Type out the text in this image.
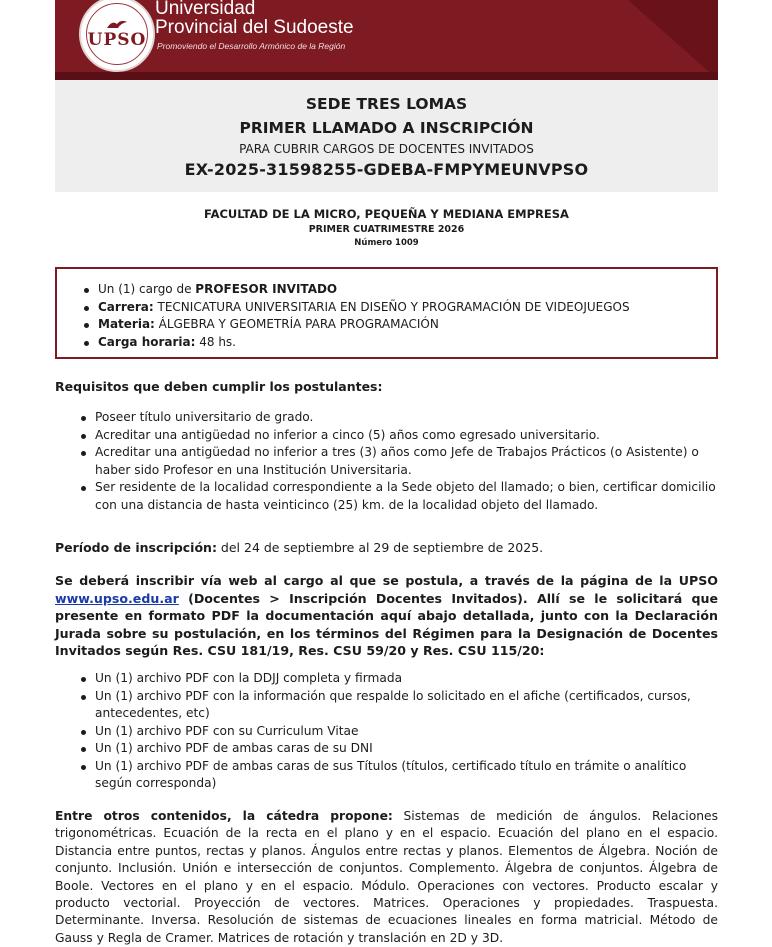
UPSO
Universidad
Provincial del Sudoeste
Promoviendo el Desarrollo Armónico de la Región
SEDE TRES LOMAS
PRIMER LLAMADO A INSCRIPCIÓN
PARA CUBRIR CARGOS DE DOCENTES INVITADOS
EX-2025-31598255-GDEBA-FMPYMEUNVPSO
FACULTAD DE LA MICRO, PEQUEÑA Y MEDIANA EMPRESA
PRIMER CUATRIMESTRE 2026
Número 1009
Un (1) cargo de PROFESOR INVITADO
Carrera: TECNICATURA UNIVERSITARIA EN DISEÑO Y PROGRAMACIÓN DE VIDEOJUEGOS
Materia: ÁLGEBRA Y GEOMETRÍA PARA PROGRAMACIÓN
Carga horaria: 48 hs.
Requisitos que deben cumplir los postulantes:
Poseer título universitario de grado.
Acreditar una antigüedad no inferior a cinco (5) años como egresado universitario.
Acreditar una antigüedad no inferior a tres (3) años como Jefe de Trabajos Prácticos (o Asistente) o haber sido Profesor en una Institución Universitaria.
Ser residente de la localidad correspondiente a la Sede objeto del llamado; o bien, certificar domicilio con una distancia de hasta veinticinco (25) km. de la localidad objeto del llamado.
Período de inscripción: del 24 de septiembre al 29 de septiembre de 2025.
Se deberá inscribir vía web al cargo al que se postula, a través de la página de la UPSO www.upso.edu.ar (Docentes > Inscripción Docentes Invitados). Allí se le solicitará que presente en formato PDF la documentación aquí abajo detallada, junto con la Declaración Jurada sobre su postulación, en los términos del Régimen para la Designación de Docentes Invitados según Res. CSU 181/19, Res. CSU 59/20 y Res. CSU 115/20:
Un (1) archivo PDF con la DDJJ completa y firmada
Un (1) archivo PDF con la información que respalde lo solicitado en el afiche (certificados, cursos, antecedentes, etc)
Un (1) archivo PDF con su Curriculum Vitae
Un (1) archivo PDF de ambas caras de su DNI
Un (1) archivo PDF de ambas caras de sus Títulos (títulos, certificado título en trámite o analítico según corresponda)
Entre otros contenidos, la cátedra propone: Sistemas de medición de ángulos. Relaciones trigonométricas. Ecuación de la recta en el plano y en el espacio. Ecuación del plano en el espacio. Distancia entre puntos, rectas y planos. Ángulos entre rectas y planos. Elementos de Álgebra. Noción de conjunto. Inclusión. Unión e intersección de conjuntos. Complemento. Álgebra de conjuntos. Álgebra de Boole. Vectores en el plano y en el espacio. Módulo. Operaciones con vectores. Producto escalar y producto vectorial. Proyección de vectores. Matrices. Operaciones y propiedades. Traspuesta. Determinante. Inversa. Resolución de sistemas de ecuaciones lineales en forma matricial. Método de Gauss y Regla de Cramer. Matrices de rotación y translación en 2D y 3D.
